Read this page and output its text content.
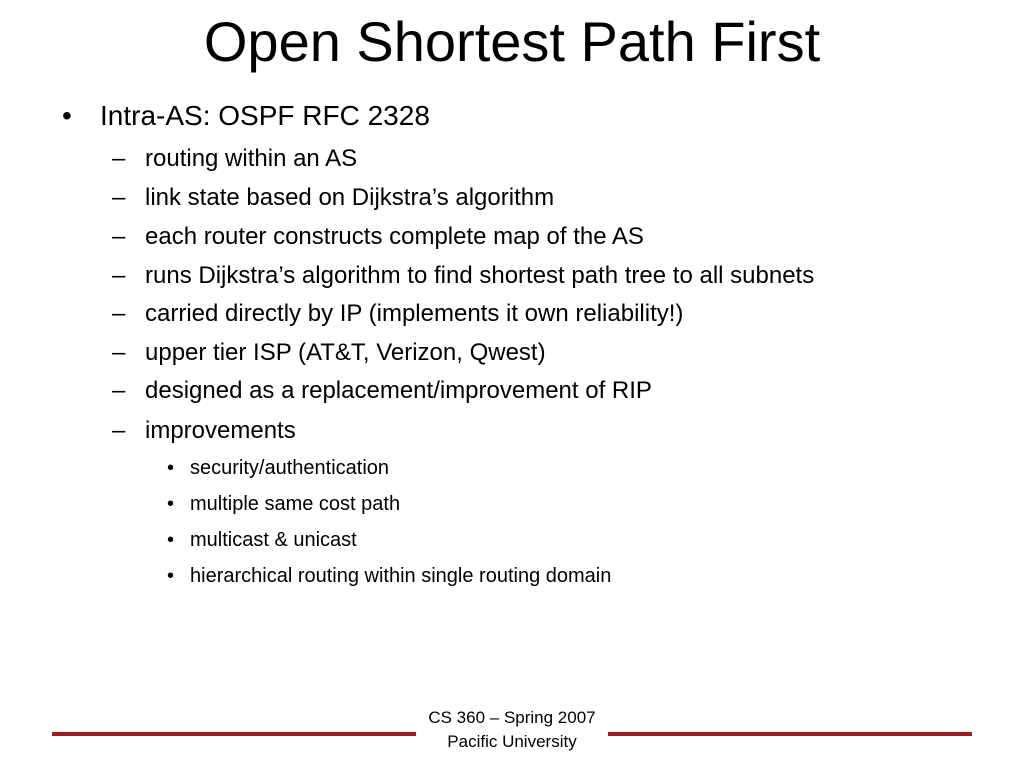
Open Shortest Path First
• Intra-AS: OSPF RFC 2328
– routing within an AS
– link state based on Dijkstra’s algorithm
– each router constructs complete map of the AS
– runs Dijkstra’s algorithm to find shortest path tree to all subnets
– carried directly by IP (implements it own reliability!)
– upper tier ISP (AT&T, Verizon, Qwest)
– designed as a replacement/improvement of RIP
– improvements
• security/authentication
• multiple same cost path
• multicast & unicast
• hierarchical routing within single routing domain
CS 360 – Spring 2007
Pacific University
